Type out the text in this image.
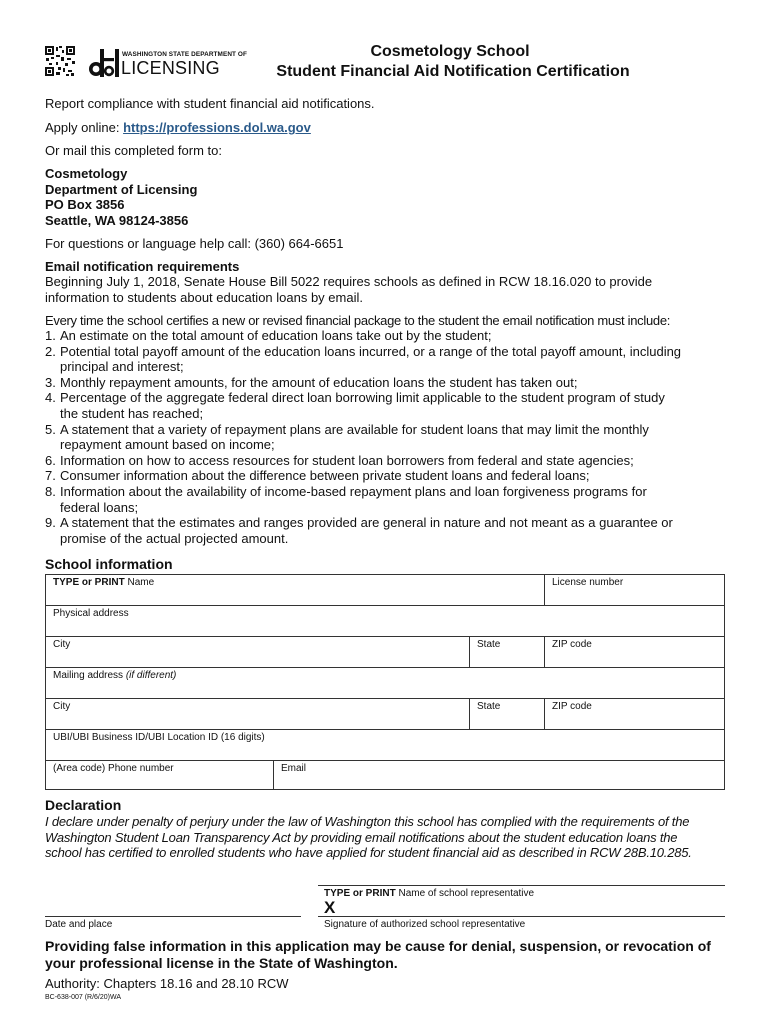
WASHINGTON STATE DEPARTMENT OF
LICENSING
Cosmetology School
Student Financial Aid Notification Certification
Report compliance with student financial aid notifications.
Apply online: https://professions.dol.wa.gov
Or mail this completed form to:
Cosmetology
Department of Licensing
PO Box 3856
Seattle, WA 98124-3856
For questions or language help call: (360) 664-6651
Email notification requirements
Beginning July 1, 2018, Senate House Bill 5022 requires schools as defined in RCW 18.16.020 to provide
information to students about education loans by email.
Every time the school certifies a new or revised financial package to the student the email notification must include:
1. An estimate on the total amount of education loans take out by the student;
2. Potential total payoff amount of the education loans incurred, or a range of the total payoff amount, including
principal and interest;
3. Monthly repayment amounts, for the amount of education loans the student has taken out;
4. Percentage of the aggregate federal direct loan borrowing limit applicable to the student program of study
the student has reached;
5. A statement that a variety of repayment plans are available for student loans that may limit the monthly
repayment amount based on income;
6. Information on how to access resources for student loan borrowers from federal and state agencies;
7. Consumer information about the difference between private student loans and federal loans;
8. Information about the availability of income-based repayment plans and loan forgiveness programs for
federal loans;
9. A statement that the estimates and ranges provided are general in nature and not meant as a guarantee or
promise of the actual projected amount.
School information
TYPE or PRINT Name	License number
Physical address
City	State	ZIP code
Mailing address (if different)
City	State	ZIP code
UBI/UBI Business ID/UBI Location ID (16 digits)
(Area code) Phone number	Email
Declaration
I declare under penalty of perjury under the law of Washington this school has complied with the requirements of the
Washington Student Loan Transparency Act by providing email notifications about the student education loans the
school has certified to enrolled students who have applied for student financial aid as described in RCW 28B.10.285.
TYPE or PRINT Name of school representative
X
Date and place	Signature of authorized school representative
Providing false information in this application may be cause for denial, suspension, or revocation of
your professional license in the State of Washington.
Authority: Chapters 18.16 and 28.10 RCW
BC-638-007 (R/6/20)WA
